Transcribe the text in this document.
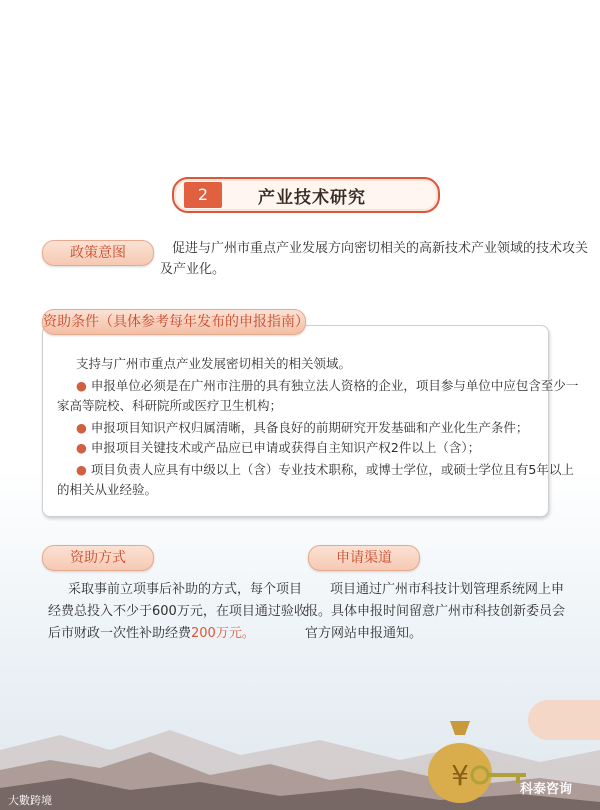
2	产业技术研究
政策意图	促进与广州市重点产业发展方向密切相关的高新技术产业领域的技术攻关
及产业化。
支持与广州市重点产业发展密切相关的相关领域。
● 申报单位必须是在广州市注册的具有独立法人资格的企业，项目参与单位中应包含至少一
家高等院校、科研院所或医疗卫生机构；
● 申报项目知识产权归属清晰，具备良好的前期研究开发基础和产业化生产条件；
● 申报项目关键技术或产品应已申请或获得自主知识产权2件以上（含）；
● 项目负责人应具有中级以上（含）专业技术职称，或博士学位，或硕士学位且有5年以上
的相关从业经验。
资助条件（具体参考每年发布的申报指南）
资助方式
采取事前立项事后补助的方式，每个项目
经费总投入不少于600万元，在项目通过验收
后市财政一次性补助经费200万元。
申请渠道
项目通过广州市科技计划管理系统网上申
报。具体申报时间留意广州市科技创新委员会
官方网站申报通知。
¥
大數跨境
科泰咨询
